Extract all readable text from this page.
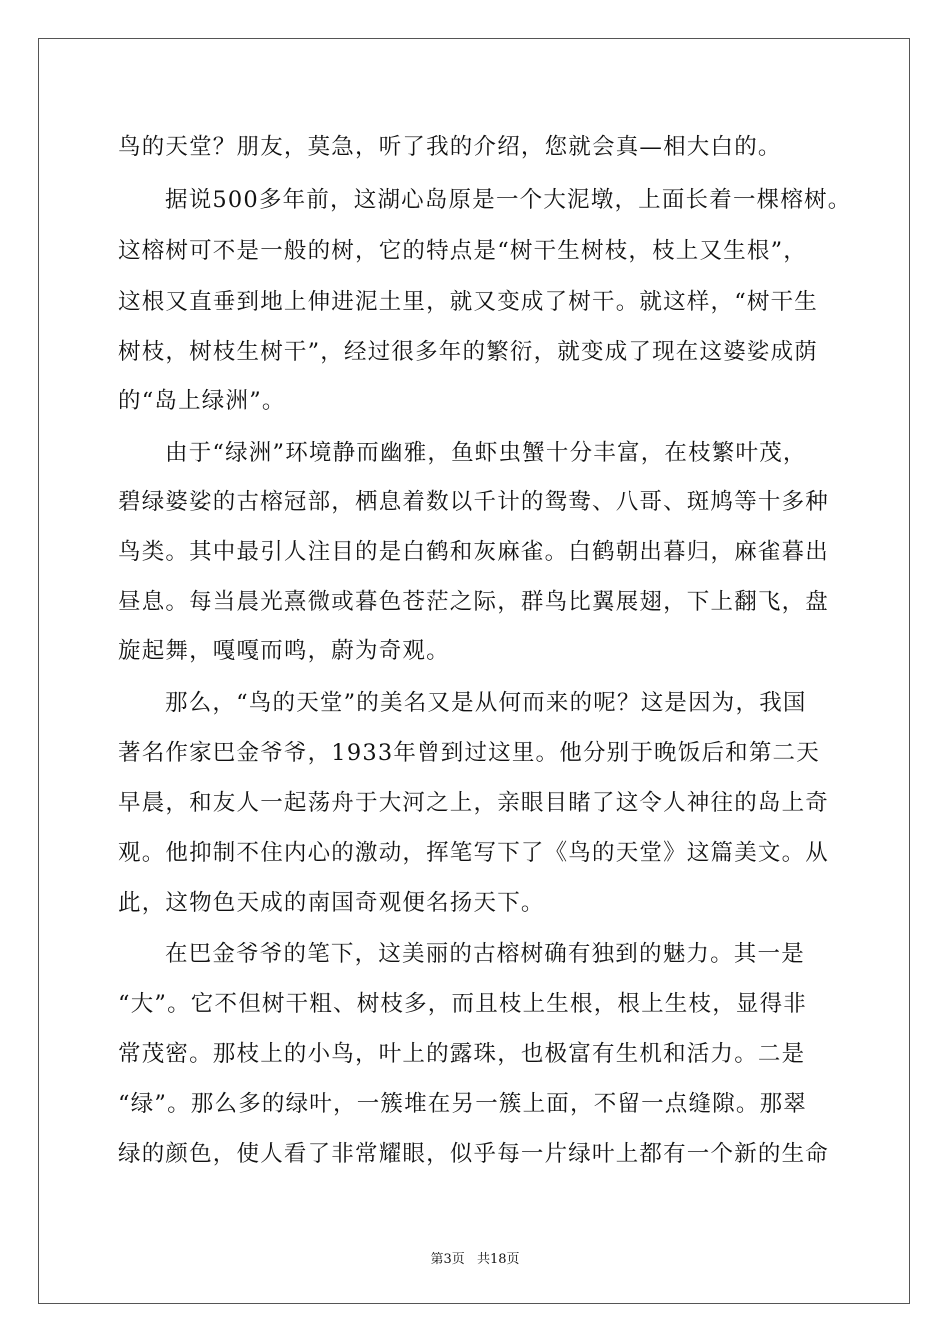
鸟的天堂？朋友，莫急，听了我的介绍，您就会真—相大白的。
据说500多年前，这湖心岛原是一个大泥墩，上面长着一棵榕树。
这榕树可不是一般的树，它的特点是“树干生树枝，枝上又生根”，
这根又直垂到地上伸进泥土里，就又变成了树干。就这样，“树干生
树枝，树枝生树干”，经过很多年的繁衍，就变成了现在这婆娑成荫
的“岛上绿洲”。
由于“绿洲”环境静而幽雅，鱼虾虫蟹十分丰富，在枝繁叶茂，
碧绿婆娑的古榕冠部，栖息着数以千计的鸳鸯、八哥、斑鸠等十多种
鸟类。其中最引人注目的是白鹤和灰麻雀。白鹤朝出暮归，麻雀暮出
昼息。每当晨光熹微或暮色苍茫之际，群鸟比翼展翅，下上翻飞，盘
旋起舞，嘎嘎而鸣，蔚为奇观。
那么，“鸟的天堂”的美名又是从何而来的呢？这是因为，我国
著名作家巴金爷爷，1933年曾到过这里。他分别于晚饭后和第二天
早晨，和友人一起荡舟于大河之上，亲眼目睹了这令人神往的岛上奇
观。他抑制不住内心的激动，挥笔写下了《鸟的天堂》这篇美文。从
此，这物色天成的南国奇观便名扬天下。
在巴金爷爷的笔下，这美丽的古榕树确有独到的魅力。其一是
“大”。它不但树干粗、树枝多，而且枝上生根，根上生枝，显得非
常茂密。那枝上的小鸟，叶上的露珠，也极富有生机和活力。二是
“绿”。那么多的绿叶，一簇堆在另一簇上面，不留一点缝隙。那翠
绿的颜色，使人看了非常耀眼，似乎每一片绿叶上都有一个新的生命
第3页 共18页
